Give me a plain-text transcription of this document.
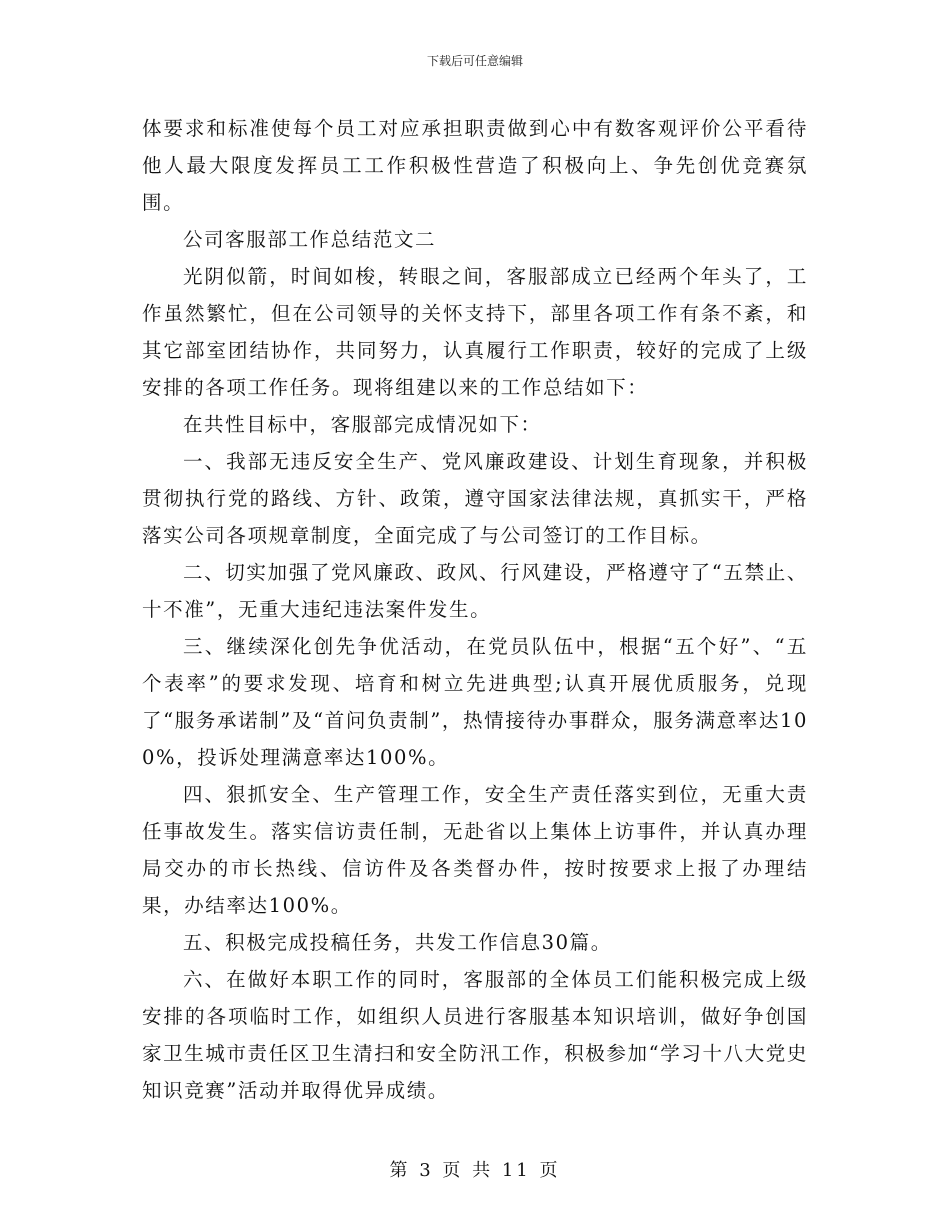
下载后可任意编辑

体要求和标准使每个员工对应承担职责做到心中有数客观评价公平看待他人最大限度发挥员工工作积极性营造了积极向上、争先创优竞赛氛围。

公司客服部工作总结范文二

光阴似箭，时间如梭，转眼之间，客服部成立已经两个年头了，工作虽然繁忙，但在公司领导的关怀支持下，部里各项工作有条不紊，和其它部室团结协作，共同努力，认真履行工作职责，较好的完成了上级安排的各项工作任务。现将组建以来的工作总结如下：

在共性目标中，客服部完成情况如下：

一、我部无违反安全生产、党风廉政建设、计划生育现象，并积极贯彻执行党的路线、方针、政策，遵守国家法律法规，真抓实干，严格落实公司各项规章制度，全面完成了与公司签订的工作目标。

二、切实加强了党风廉政、政风、行风建设，严格遵守了“五禁止、十不准”，无重大违纪违法案件发生。

三、继续深化创先争优活动，在党员队伍中，根据“五个好”、“五个表率”的要求发现、培育和树立先进典型;认真开展优质服务，兑现了“服务承诺制”及“首问负责制”，热情接待办事群众，服务满意率达100%，投诉处理满意率达100%。

四、狠抓安全、生产管理工作，安全生产责任落实到位，无重大责任事故发生。落实信访责任制，无赴省以上集体上访事件，并认真办理局交办的市长热线、信访件及各类督办件，按时按要求上报了办理结果，办结率达100%。

五、积极完成投稿任务，共发工作信息30篇。

六、在做好本职工作的同时，客服部的全体员工们能积极完成上级安排的各项临时工作，如组织人员进行客服基本知识培训，做好争创国家卫生城市责任区卫生清扫和安全防汛工作，积极参加“学习十八大党史知识竞赛”活动并取得优异成绩。

第 3 页 共 11 页
